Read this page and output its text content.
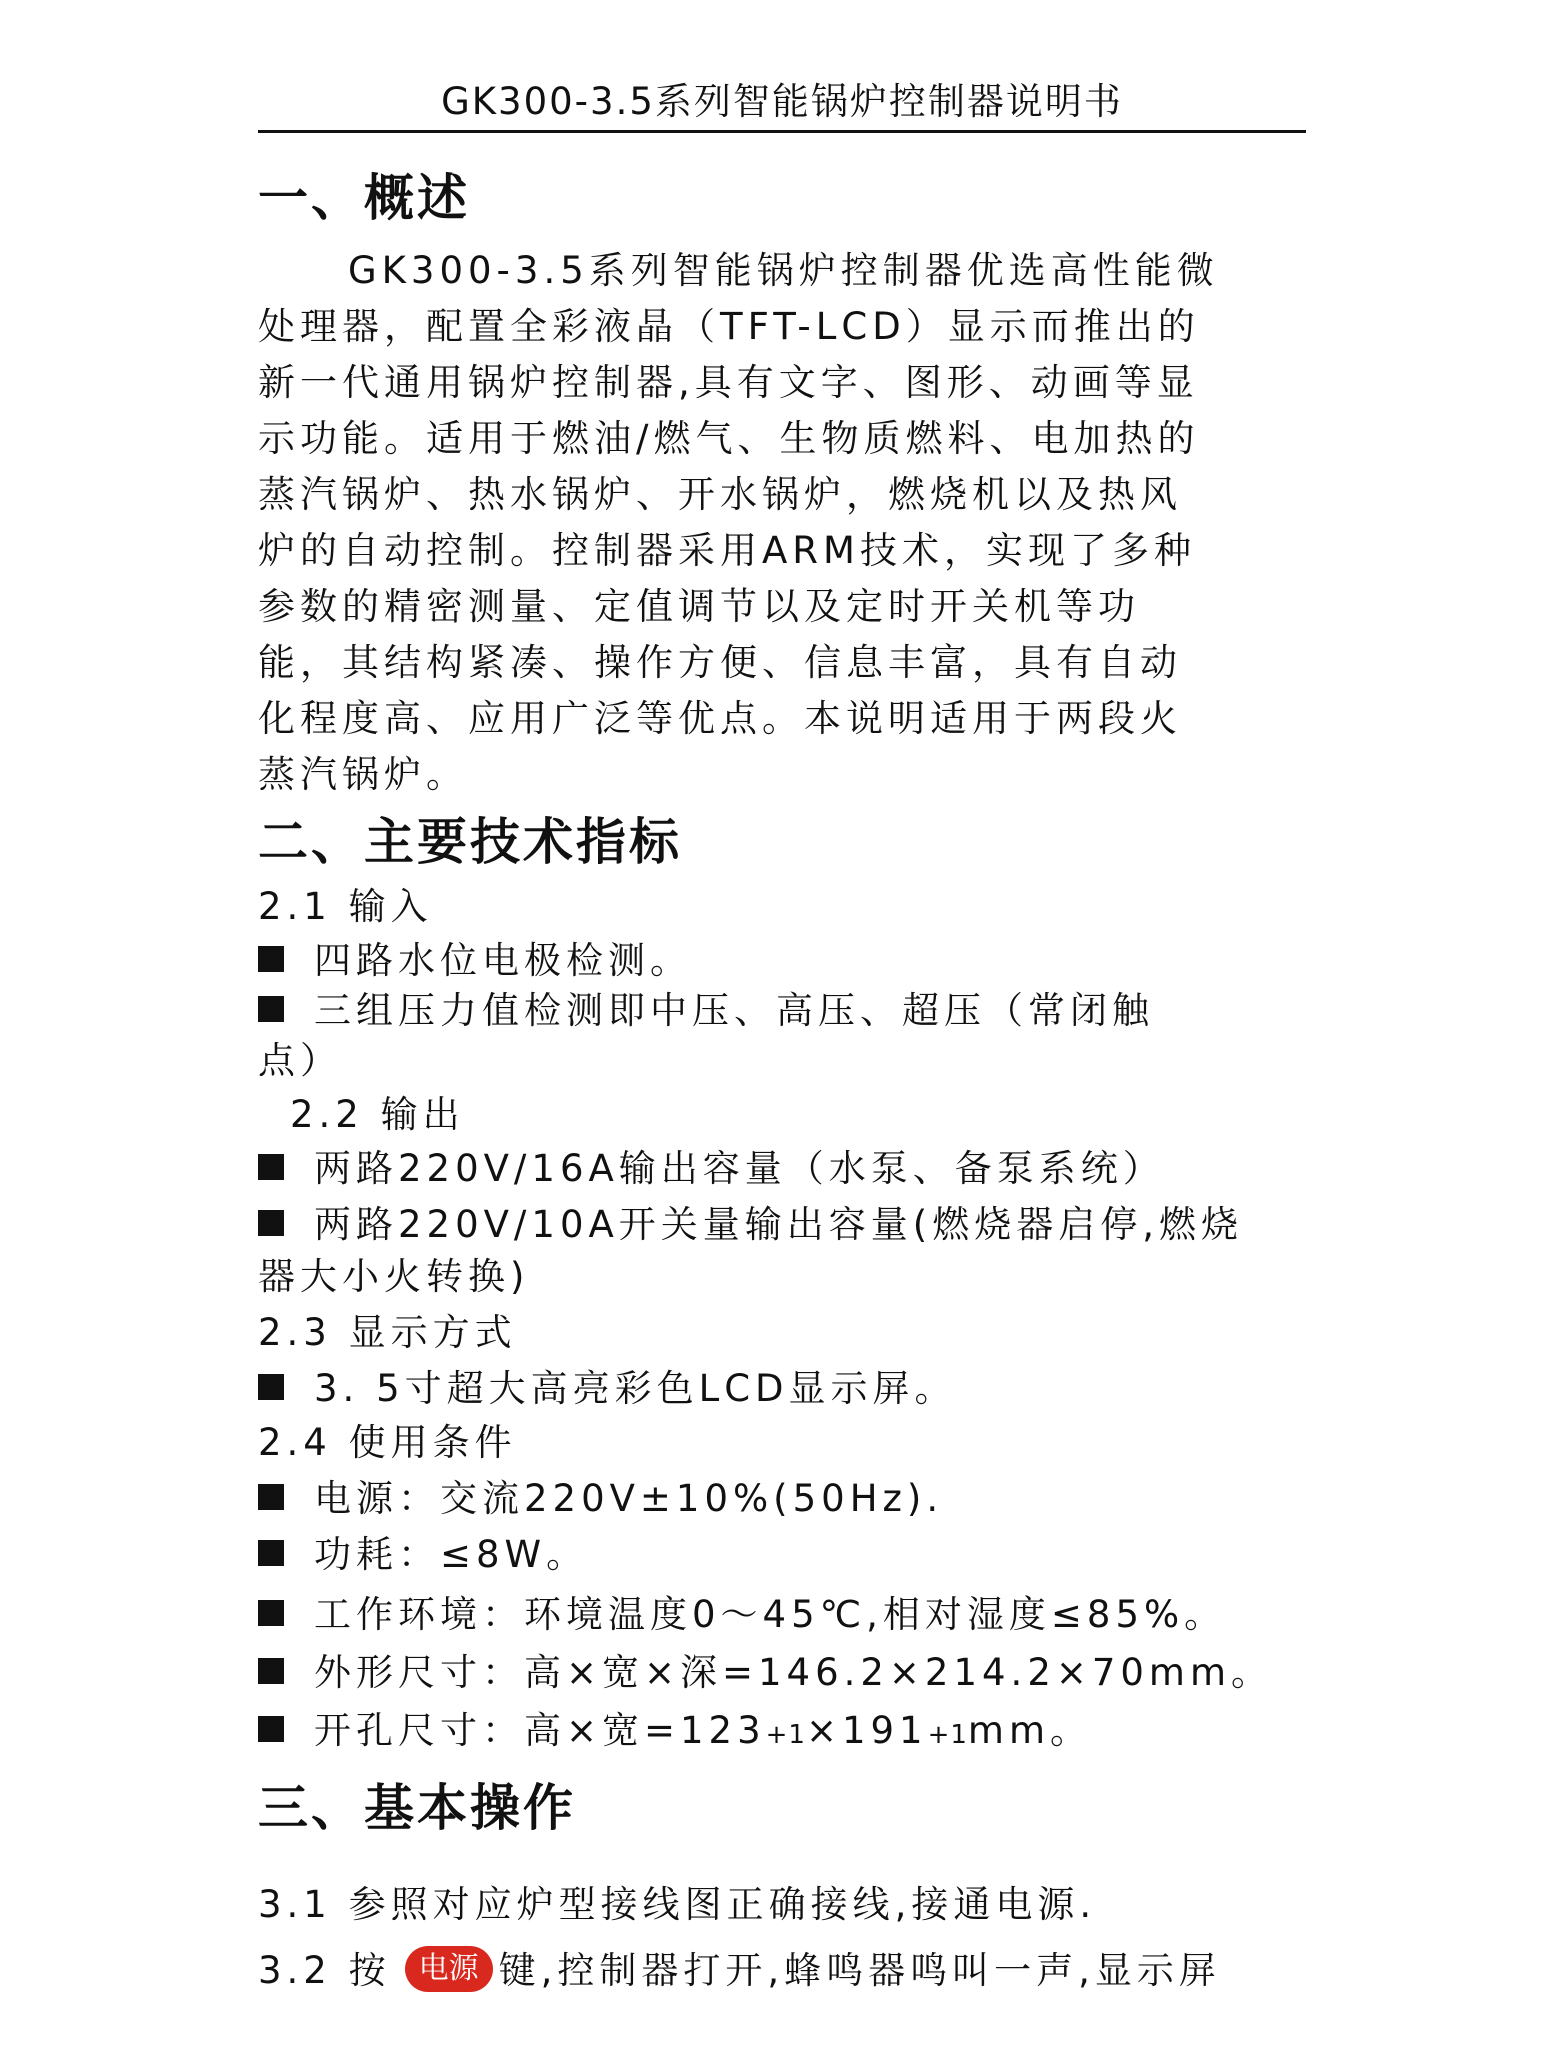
GK300-3.5系列智能锅炉控制器说明书
一、概述
GK300-3.5系列智能锅炉控制器优选高性能微
处理器，配置全彩液晶（TFT-LCD）显示而推出的
新一代通用锅炉控制器,具有文字、图形、动画等显
示功能。适用于燃油/燃气、生物质燃料、电加热的
蒸汽锅炉、热水锅炉、开水锅炉，燃烧机以及热风
炉的自动控制。控制器采用ARM技术，实现了多种
参数的精密测量、定值调节以及定时开关机等功
能，其结构紧凑、操作方便、信息丰富，具有自动
化程度高、应用广泛等优点。本说明适用于两段火
蒸汽锅炉。
二、主要技术指标
2.1 输入
四路水位电极检测。
三组压力值检测即中压、高压、超压（常闭触
点）
2.2 输出
两路220V/16A输出容量（水泵、备泵系统）
两路220V/10A开关量输出容量(燃烧器启停,燃烧
器大小火转换)
2.3 显示方式
3. 5寸超大高亮彩色LCD显示屏。
2.4 使用条件
电源：交流220V±10%(50Hz).
功耗：≤8W。
工作环境：环境温度0～45℃,相对湿度≤85%。
外形尺寸：高×宽×深=146.2×214.2×70mm。
开孔尺寸：高×宽=123+1×191+1mm。
三、基本操作
3.1 参照对应炉型接线图正确接线,接通电源.
3.2 按 电源 键,控制器打开,蜂鸣器鸣叫一声,显示屏
